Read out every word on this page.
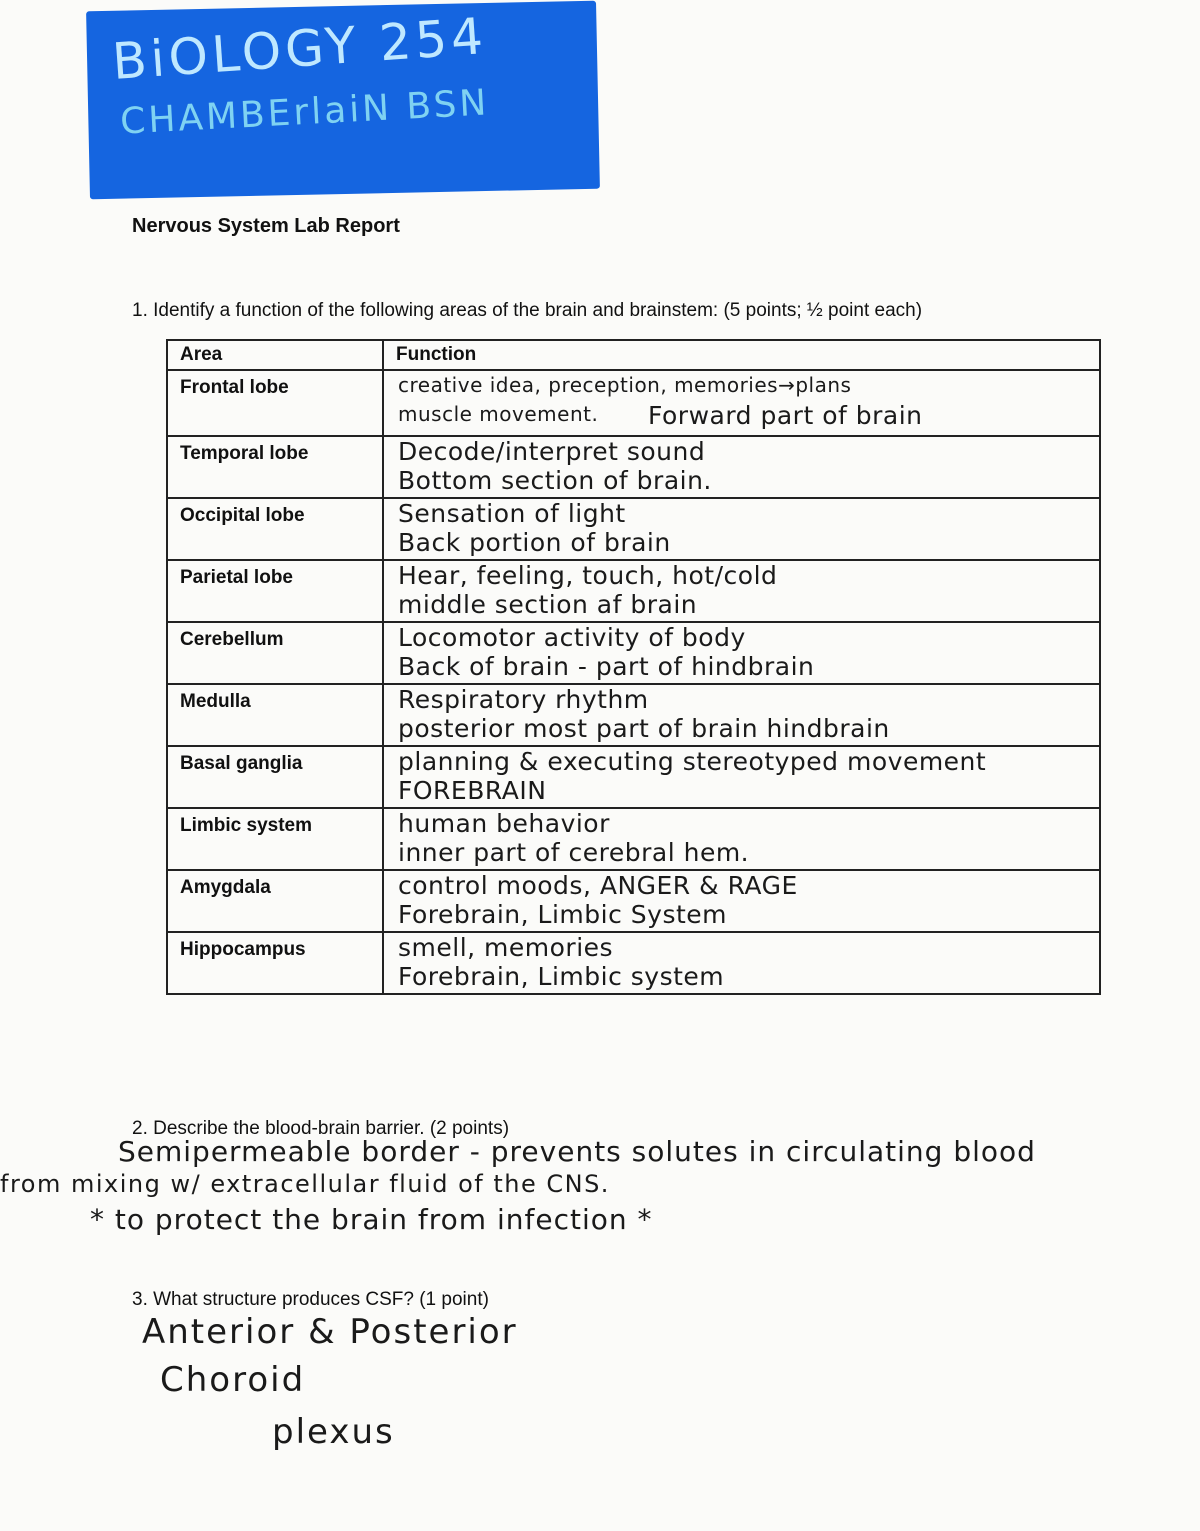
BiOLOGY 254
CHAMBErlaiN BSN
Nervous System Lab Report
1. Identify a function of the following areas of the brain and brainstem: (5 points; ½ point each)
Area	Function
Frontal lobe	creative idea, preception, memories→plans
muscle movement. Forward part of brain

Temporal lobe	Decode/interpret sound
Bottom section of brain.

Occipital lobe	Sensation of light
Back portion of brain

Parietal lobe	Hear, feeling, touch, hot/cold
middle section af brain

Cerebellum	Locomotor activity of body
Back of brain - part of hindbrain

Medulla	Respiratory rhythm
posterior most part of brain hindbrain

Basal ganglia	planning & executing stereotyped movement
FOREBRAIN

Limbic system	human behavior
inner part of cerebral hem.

Amygdala	control moods, ANGER & RAGE
Forebrain, Limbic System

Hippocampus	smell, memories
Forebrain, Limbic system
2. Describe the blood-brain barrier. (2 points)
Semipermeable border - prevents solutes in circulating blood
from mixing w/ extracellular fluid of the CNS.
* to protect the brain from infection *
3. What structure produces CSF? (1 point)
Anterior & Posterior
Choroid
plexus
